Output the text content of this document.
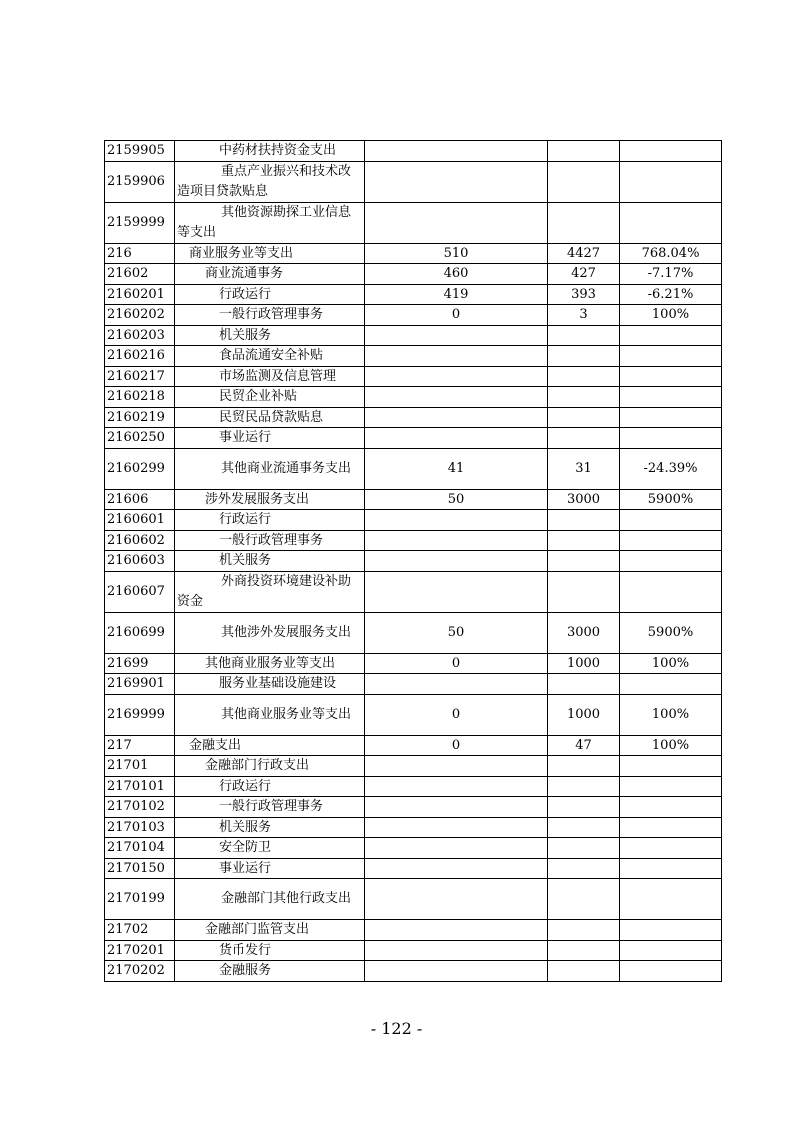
2159905	中药材扶持资金支出			
2159906	重点产业振兴和技术改造项目贷款贴息			

2159999	其他资源勘探工业信息等支出			

216	商业服务业等支出	510	4427	768.04%
21602	商业流通事务	460	427	-7.17%
2160201	行政运行	419	393	-6.21%
2160202	一般行政管理事务	0	3	100%
2160203	机关服务			
2160216	食品流通安全补贴			
2160217	市场监测及信息管理			
2160218	民贸企业补贴			
2160219	民贸民品贷款贴息			
2160250	事业运行			
2160299	其他商业流通事务支出	41	31	-24.39%
21606	涉外发展服务支出	50	3000	5900%
2160601	行政运行			
2160602	一般行政管理事务			
2160603	机关服务			
2160607	外商投资环境建设补助资金			

2160699	其他涉外发展服务支出	50	3000	5900%
21699	其他商业服务业等支出	0	1000	100%
2169901	服务业基础设施建设			
2169999	其他商业服务业等支出	0	1000	100%
217	金融支出	0	47	100%
21701	金融部门行政支出			
2170101	行政运行			
2170102	一般行政管理事务			
2170103	机关服务			
2170104	安全防卫			
2170150	事业运行			
2170199	金融部门其他行政支出			

21702	金融部门监管支出			
2170201	货币发行			
2170202	金融服务			
- 122 -
